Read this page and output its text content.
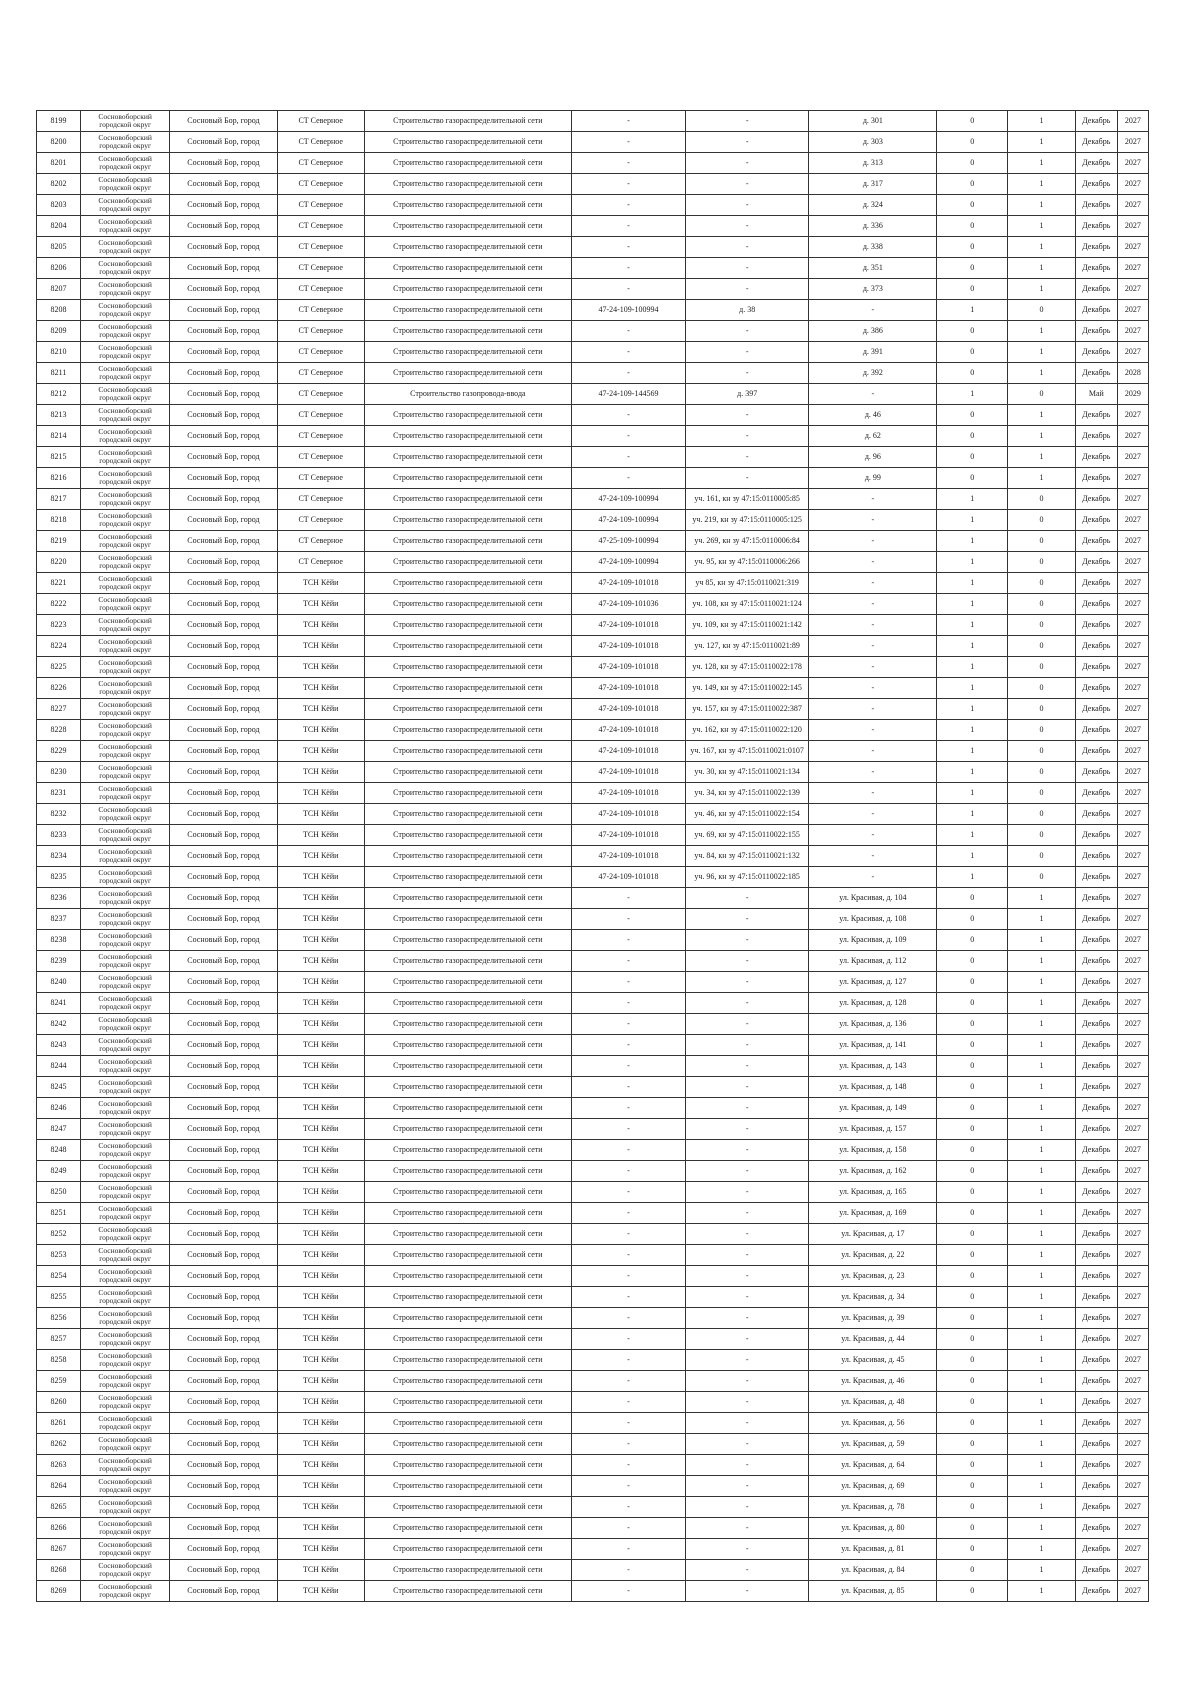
8199	Сосновоборский городской округ	Сосновый Бор, город	СТ Северное	Строительство газораспределительной сети	-	-	д. 301	0	1	Декабрь	2027
8200	Сосновоборский городской округ	Сосновый Бор, город	СТ Северное	Строительство газораспределительной сети	-	-	д. 303	0	1	Декабрь	2027
8201	Сосновоборский городской округ	Сосновый Бор, город	СТ Северное	Строительство газораспределительной сети	-	-	д. 313	0	1	Декабрь	2027
8202	Сосновоборский городской округ	Сосновый Бор, город	СТ Северное	Строительство газораспределительной сети	-	-	д. 317	0	1	Декабрь	2027
8203	Сосновоборский городской округ	Сосновый Бор, город	СТ Северное	Строительство газораспределительной сети	-	-	д. 324	0	1	Декабрь	2027
8204	Сосновоборский городской округ	Сосновый Бор, город	СТ Северное	Строительство газораспределительной сети	-	-	д. 336	0	1	Декабрь	2027
8205	Сосновоборский городской округ	Сосновый Бор, город	СТ Северное	Строительство газораспределительной сети	-	-	д. 338	0	1	Декабрь	2027
8206	Сосновоборский городской округ	Сосновый Бор, город	СТ Северное	Строительство газораспределительной сети	-	-	д. 351	0	1	Декабрь	2027
8207	Сосновоборский городской округ	Сосновый Бор, город	СТ Северное	Строительство газораспределительной сети	-	-	д. 373	0	1	Декабрь	2027
8208	Сосновоборский городской округ	Сосновый Бор, город	СТ Северное	Строительство газораспределительной сети	47-24-109-100994	д. 38	-	1	0	Декабрь	2027
8209	Сосновоборский городской округ	Сосновый Бор, город	СТ Северное	Строительство газораспределительной сети	-	-	д. 386	0	1	Декабрь	2027
8210	Сосновоборский городской округ	Сосновый Бор, город	СТ Северное	Строительство газораспределительной сети	-	-	д. 391	0	1	Декабрь	2027
8211	Сосновоборский городской округ	Сосновый Бор, город	СТ Северное	Строительство газораспределительной сети	-	-	д. 392	0	1	Декабрь	2028
8212	Сосновоборский городской округ	Сосновый Бор, город	СТ Северное	Строительство газопровода-ввода	47-24-109-144569	д. 397	-	1	0	Май	2029
8213	Сосновоборский городской округ	Сосновый Бор, город	СТ Северное	Строительство газораспределительной сети	-	-	д. 46	0	1	Декабрь	2027
8214	Сосновоборский городской округ	Сосновый Бор, город	СТ Северное	Строительство газораспределительной сети	-	-	д. 62	0	1	Декабрь	2027
8215	Сосновоборский городской округ	Сосновый Бор, город	СТ Северное	Строительство газораспределительной сети	-	-	д. 96	0	1	Декабрь	2027
8216	Сосновоборский городской округ	Сосновый Бор, город	СТ Северное	Строительство газораспределительной сети	-	-	д. 99	0	1	Декабрь	2027
8217	Сосновоборский городской округ	Сосновый Бор, город	СТ Северное	Строительство газораспределительной сети	47-24-109-100994	уч. 161, кн зу 47:15:0110005:85	-	1	0	Декабрь	2027
8218	Сосновоборский городской округ	Сосновый Бор, город	СТ Северное	Строительство газораспределительной сети	47-24-109-100994	уч. 219, кн зу 47:15:0110005:125	-	1	0	Декабрь	2027
8219	Сосновоборский городской округ	Сосновый Бор, город	СТ Северное	Строительство газораспределительной сети	47-25-109-100994	уч. 269, кн зу 47:15:0110006:84	-	1	0	Декабрь	2027
8220	Сосновоборский городской округ	Сосновый Бор, город	СТ Северное	Строительство газораспределительной сети	47-24-109-100994	уч. 95, кн зу 47:15:0110006:266	-	1	0	Декабрь	2027
8221	Сосновоборский городской округ	Сосновый Бор, город	ТСН Кёйи	Строительство газораспределительной сети	47-24-109-101018	уч 85, кн зу 47:15:0110021:319	-	1	0	Декабрь	2027
8222	Сосновоборский городской округ	Сосновый Бор, город	ТСН Кёйи	Строительство газораспределительной сети	47-24-109-101036	уч. 108, кн зу 47:15:0110021:124	-	1	0	Декабрь	2027
8223	Сосновоборский городской округ	Сосновый Бор, город	ТСН Кёйи	Строительство газораспределительной сети	47-24-109-101018	уч. 109, кн зу 47:15:0110021:142	-	1	0	Декабрь	2027
8224	Сосновоборский городской округ	Сосновый Бор, город	ТСН Кёйи	Строительство газораспределительной сети	47-24-109-101018	уч. 127, кн зу 47:15:0110021:89	-	1	0	Декабрь	2027
8225	Сосновоборский городской округ	Сосновый Бор, город	ТСН Кёйи	Строительство газораспределительной сети	47-24-109-101018	уч. 128, кн зу 47:15:0110022:178	-	1	0	Декабрь	2027
8226	Сосновоборский городской округ	Сосновый Бор, город	ТСН Кёйи	Строительство газораспределительной сети	47-24-109-101018	уч. 149, кн зу 47:15:0110022:145	-	1	0	Декабрь	2027
8227	Сосновоборский городской округ	Сосновый Бор, город	ТСН Кёйи	Строительство газораспределительной сети	47-24-109-101018	уч. 157, кн зу 47:15:0110022:387	-	1	0	Декабрь	2027
8228	Сосновоборский городской округ	Сосновый Бор, город	ТСН Кёйи	Строительство газораспределительной сети	47-24-109-101018	уч. 162, кн зу 47:15:0110022:120	-	1	0	Декабрь	2027
8229	Сосновоборский городской округ	Сосновый Бор, город	ТСН Кёйи	Строительство газораспределительной сети	47-24-109-101018	уч. 167, кн зу 47:15:0110021:0107	-	1	0	Декабрь	2027
8230	Сосновоборский городской округ	Сосновый Бор, город	ТСН Кёйи	Строительство газораспределительной сети	47-24-109-101018	уч. 30, кн зу 47:15:0110021:134	-	1	0	Декабрь	2027
8231	Сосновоборский городской округ	Сосновый Бор, город	ТСН Кёйи	Строительство газораспределительной сети	47-24-109-101018	уч. 34, кн зу 47:15:0110022:139	-	1	0	Декабрь	2027
8232	Сосновоборский городской округ	Сосновый Бор, город	ТСН Кёйи	Строительство газораспределительной сети	47-24-109-101018	уч. 46, кн зу 47:15:0110022:154	-	1	0	Декабрь	2027
8233	Сосновоборский городской округ	Сосновый Бор, город	ТСН Кёйи	Строительство газораспределительной сети	47-24-109-101018	уч. 69, кн зу 47:15:0110022:155	-	1	0	Декабрь	2027
8234	Сосновоборский городской округ	Сосновый Бор, город	ТСН Кёйи	Строительство газораспределительной сети	47-24-109-101018	уч. 84, кн зу 47:15:0110021:132	-	1	0	Декабрь	2027
8235	Сосновоборский городской округ	Сосновый Бор, город	ТСН Кёйи	Строительство газораспределительной сети	47-24-109-101018	уч. 96, кн зу 47:15:0110022:185	-	1	0	Декабрь	2027
8236	Сосновоборский городской округ	Сосновый Бор, город	ТСН Кёйи	Строительство газораспределительной сети	-	-	ул. Красивая, д. 104	0	1	Декабрь	2027
8237	Сосновоборский городской округ	Сосновый Бор, город	ТСН Кёйи	Строительство газораспределительной сети	-	-	ул. Красивая, д. 108	0	1	Декабрь	2027
8238	Сосновоборский городской округ	Сосновый Бор, город	ТСН Кёйи	Строительство газораспределительной сети	-	-	ул. Красивая, д. 109	0	1	Декабрь	2027
8239	Сосновоборский городской округ	Сосновый Бор, город	ТСН Кёйи	Строительство газораспределительной сети	-	-	ул. Красивая, д. 112	0	1	Декабрь	2027
8240	Сосновоборский городской округ	Сосновый Бор, город	ТСН Кёйи	Строительство газораспределительной сети	-	-	ул. Красивая, д. 127	0	1	Декабрь	2027
8241	Сосновоборский городской округ	Сосновый Бор, город	ТСН Кёйи	Строительство газораспределительной сети	-	-	ул. Красивая, д. 128	0	1	Декабрь	2027
8242	Сосновоборский городской округ	Сосновый Бор, город	ТСН Кёйи	Строительство газораспределительной сети	-	-	ул. Красивая, д. 136	0	1	Декабрь	2027
8243	Сосновоборский городской округ	Сосновый Бор, город	ТСН Кёйи	Строительство газораспределительной сети	-	-	ул. Красивая, д. 141	0	1	Декабрь	2027
8244	Сосновоборский городской округ	Сосновый Бор, город	ТСН Кёйи	Строительство газораспределительной сети	-	-	ул. Красивая, д. 143	0	1	Декабрь	2027
8245	Сосновоборский городской округ	Сосновый Бор, город	ТСН Кёйи	Строительство газораспределительной сети	-	-	ул. Красивая, д. 148	0	1	Декабрь	2027
8246	Сосновоборский городской округ	Сосновый Бор, город	ТСН Кёйи	Строительство газораспределительной сети	-	-	ул. Красивая, д. 149	0	1	Декабрь	2027
8247	Сосновоборский городской округ	Сосновый Бор, город	ТСН Кёйи	Строительство газораспределительной сети	-	-	ул. Красивая, д. 157	0	1	Декабрь	2027
8248	Сосновоборский городской округ	Сосновый Бор, город	ТСН Кёйи	Строительство газораспределительной сети	-	-	ул. Красивая, д. 158	0	1	Декабрь	2027
8249	Сосновоборский городской округ	Сосновый Бор, город	ТСН Кёйи	Строительство газораспределительной сети	-	-	ул. Красивая, д. 162	0	1	Декабрь	2027
8250	Сосновоборский городской округ	Сосновый Бор, город	ТСН Кёйи	Строительство газораспределительной сети	-	-	ул. Красивая, д. 165	0	1	Декабрь	2027
8251	Сосновоборский городской округ	Сосновый Бор, город	ТСН Кёйи	Строительство газораспределительной сети	-	-	ул. Красивая, д. 169	0	1	Декабрь	2027
8252	Сосновоборский городской округ	Сосновый Бор, город	ТСН Кёйи	Строительство газораспределительной сети	-	-	ул. Красивая, д. 17	0	1	Декабрь	2027
8253	Сосновоборский городской округ	Сосновый Бор, город	ТСН Кёйи	Строительство газораспределительной сети	-	-	ул. Красивая, д. 22	0	1	Декабрь	2027
8254	Сосновоборский городской округ	Сосновый Бор, город	ТСН Кёйи	Строительство газораспределительной сети	-	-	ул. Красивая, д. 23	0	1	Декабрь	2027
8255	Сосновоборский городской округ	Сосновый Бор, город	ТСН Кёйи	Строительство газораспределительной сети	-	-	ул. Красивая, д. 34	0	1	Декабрь	2027
8256	Сосновоборский городской округ	Сосновый Бор, город	ТСН Кёйи	Строительство газораспределительной сети	-	-	ул. Красивая, д. 39	0	1	Декабрь	2027
8257	Сосновоборский городской округ	Сосновый Бор, город	ТСН Кёйи	Строительство газораспределительной сети	-	-	ул. Красивая, д. 44	0	1	Декабрь	2027
8258	Сосновоборский городской округ	Сосновый Бор, город	ТСН Кёйи	Строительство газораспределительной сети	-	-	ул. Красивая, д. 45	0	1	Декабрь	2027
8259	Сосновоборский городской округ	Сосновый Бор, город	ТСН Кёйи	Строительство газораспределительной сети	-	-	ул. Красивая, д. 46	0	1	Декабрь	2027
8260	Сосновоборский городской округ	Сосновый Бор, город	ТСН Кёйи	Строительство газораспределительной сети	-	-	ул. Красивая, д. 48	0	1	Декабрь	2027
8261	Сосновоборский городской округ	Сосновый Бор, город	ТСН Кёйи	Строительство газораспределительной сети	-	-	ул. Красивая, д. 56	0	1	Декабрь	2027
8262	Сосновоборский городской округ	Сосновый Бор, город	ТСН Кёйи	Строительство газораспределительной сети	-	-	ул. Красивая, д. 59	0	1	Декабрь	2027
8263	Сосновоборский городской округ	Сосновый Бор, город	ТСН Кёйи	Строительство газораспределительной сети	-	-	ул. Красивая, д. 64	0	1	Декабрь	2027
8264	Сосновоборский городской округ	Сосновый Бор, город	ТСН Кёйи	Строительство газораспределительной сети	-	-	ул. Красивая, д. 69	0	1	Декабрь	2027
8265	Сосновоборский городской округ	Сосновый Бор, город	ТСН Кёйи	Строительство газораспределительной сети	-	-	ул. Красивая, д. 78	0	1	Декабрь	2027
8266	Сосновоборский городской округ	Сосновый Бор, город	ТСН Кёйи	Строительство газораспределительной сети	-	-	ул. Красивая, д. 80	0	1	Декабрь	2027
8267	Сосновоборский городской округ	Сосновый Бор, город	ТСН Кёйи	Строительство газораспределительной сети	-	-	ул. Красивая, д. 81	0	1	Декабрь	2027
8268	Сосновоборский городской округ	Сосновый Бор, город	ТСН Кёйи	Строительство газораспределительной сети	-	-	ул. Красивая, д. 84	0	1	Декабрь	2027
8269	Сосновоборский городской округ	Сосновый Бор, город	ТСН Кёйи	Строительство газораспределительной сети	-	-	ул. Красивая, д. 85	0	1	Декабрь	2027
